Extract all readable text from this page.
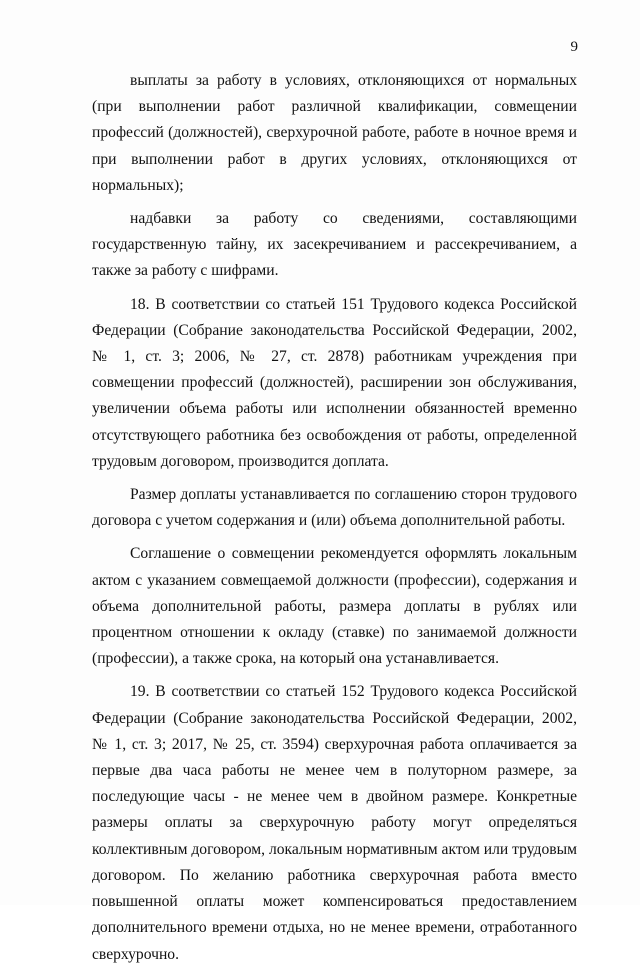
9

выплаты за работу в условиях, отклоняющихся от нормальных (при выполнении работ различной квалификации, совмещении профессий (должностей), сверхурочной работе, работе в ночное время и при выполнении работ в других условиях, отклоняющихся от нормальных);

надбавки за работу со сведениями, составляющими государственную тайну, их засекречиванием и рассекречиванием, а также за работу с шифрами.

18. В соответствии со статьей 151 Трудового кодекса Российской Федерации (Собрание законодательства Российской Федерации, 2002, № 1, ст. 3; 2006, № 27, ст. 2878) работникам учреждения при совмещении профессий (должностей), расширении зон обслуживания, увеличении объема работы или исполнении обязанностей временно отсутствующего работника без освобождения от работы, определенной трудовым договором, производится доплата.

Размер доплаты устанавливается по соглашению сторон трудового договора с учетом содержания и (или) объема дополнительной работы.

Соглашение о совмещении рекомендуется оформлять локальным актом с указанием совмещаемой должности (профессии), содержания и объема дополнительной работы, размера доплаты в рублях или процентном отношении к окладу (ставке) по занимаемой должности (профессии), а также срока, на который она устанавливается.

19. В соответствии со статьей 152 Трудового кодекса Российской Федерации (Собрание законодательства Российской Федерации, 2002, № 1, ст. 3; 2017, № 25, ст. 3594) сверхурочная работа оплачивается за первые два часа работы не менее чем в полуторном размере, за последующие часы - не менее чем в двойном размере. Конкретные размеры оплаты за сверхурочную работу могут определяться коллективным договором, локальным нормативным актом или трудовым договором. По желанию работника сверхурочная работа вместо повышенной оплаты может компенсироваться предоставлением дополнительного времени отдыха, но не менее времени, отработанного сверхурочно.
